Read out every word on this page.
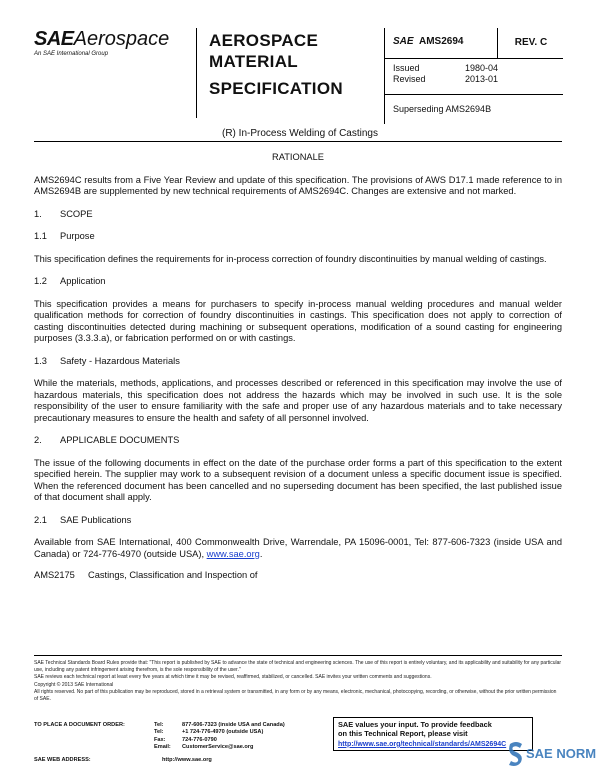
SAEAerospace
An SAE International Group
AEROSPACE
MATERIAL
SPECIFICATION
SAE AMS2694	REV. C
Issued	1980-04
Revised	2013-01
Superseding AMS2694B
(R) In-Process Welding of Castings
RATIONALE

AMS2694C results from a Five Year Review and update of this specification. The provisions of AWS D17.1 made reference to in AMS2694B are supplemented by new technical requirements of AMS2694C. Changes are extensive and not marked.

1.	SCOPE
1.1	Purpose

This specification defines the requirements for in-process correction of foundry discontinuities by manual welding of castings.

1.2	Application

This specification provides a means for purchasers to specify in-process manual welding procedures and manual welder qualification methods for correction of foundry discontinuities in castings. This specification does not apply to correction of casting discontinuities detected during machining or subsequent operations, modification of a sound casting for engineering purposes (3.3.3.a), or fabrication performed on or with castings.

1.3	Safety - Hazardous Materials

While the materials, methods, applications, and processes described or referenced in this specification may involve the use of hazardous materials, this specification does not address the hazards which may be involved in such use. It is the sole responsibility of the user to ensure familiarity with the safe and proper use of any hazardous materials and to take necessary precautionary measures to ensure the health and safety of all personnel involved.

2.	APPLICABLE DOCUMENTS

The issue of the following documents in effect on the date of the purchase order forms a part of this specification to the extent specified herein. The supplier may work to a subsequent revision of a document unless a specific document issue is specified. When the referenced document has been cancelled and no superseding document has been specified, the last published issue of that document shall apply.

2.1	SAE Publications

Available from SAE International, 400 Commonwealth Drive, Warrendale, PA 15096-0001, Tel: 877-606-7323 (inside USA and Canada) or 724-776-4970 (outside USA), www.sae.org.

AMS2175	Castings, Classification and Inspection of
SAE Technical Standards Board Rules provide that: "This report is published by SAE to advance the state of technical and engineering sciences. The use of this report is entirely voluntary, and its applicability and suitability for any particular use, including any patent infringement arising therefrom, is the sole responsibility of the user."
SAE reviews each technical report at least every five years at which time it may be revised, reaffirmed, stabilized, or cancelled. SAE invites your written comments and suggestions.
Copyright © 2013 SAE International
All rights reserved. No part of this publication may be reproduced, stored in a retrieval system or transmitted, in any form or by any means, electronic, mechanical, photocopying, recording, or otherwise, without the prior written permission of SAE.
TO PLACE A DOCUMENT ORDER:	Tel:	877-606-7323 (inside USA and Canada)
Tel:	+1 724-776-4970 (outside USA)
Fax:	724-776-0790
Email:	CustomerService@sae.org
SAE values your input. To provide feedback
on this Technical Report, please visit
http://www.sae.org/technical/standards/AMS2694C
SAE WEB ADDRESS:	http://www.sae.org	SAE NORM
